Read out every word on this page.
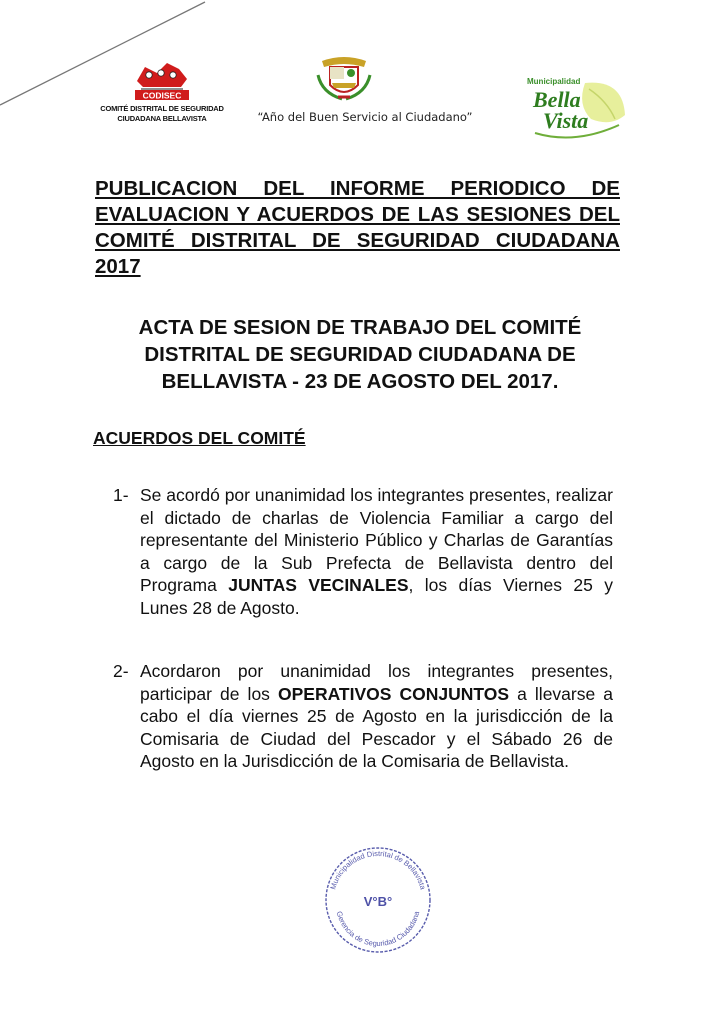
CODISEC
COMITÉ DISTRITAL DE SEGURIDAD
CIUDADANA BELLAVISTA	“Año del Buen Servicio al Ciudadano”
Municipalidad
Bella
Vista
PUBLICACION DEL INFORME PERIODICO DE EVALUACION Y ACUERDOS DE LAS SESIONES DEL COMITÉ DISTRITAL DE SEGURIDAD CIUDADANA 2017
ACTA DE SESION DE TRABAJO DEL COMITÉ
DISTRITAL DE SEGURIDAD CIUDADANA DE
BELLAVISTA - 23 DE AGOSTO DEL 2017.
ACUERDOS DEL COMITÉ
1- Se acordó por unanimidad los integrantes presentes, realizar el dictado de charlas de Violencia Familiar a cargo del representante del Ministerio Público y Charlas de Garantías a cargo de la Sub Prefecta de Bellavista dentro del Programa JUNTAS VECINALES, los días Viernes 25 y Lunes 28 de Agosto.
2- Acordaron por unanimidad los integrantes presentes, participar de los OPERATIVOS CONJUNTOS a llevarse a cabo el día viernes 25 de Agosto en la jurisdicción de la Comisaria de Ciudad del Pescador y el Sábado 26 de Agosto en la Jurisdicción de la Comisaria de Bellavista.
Municipalidad Distrital de Bellavista
V°B°
Gerencia de Seguridad Ciudadana
